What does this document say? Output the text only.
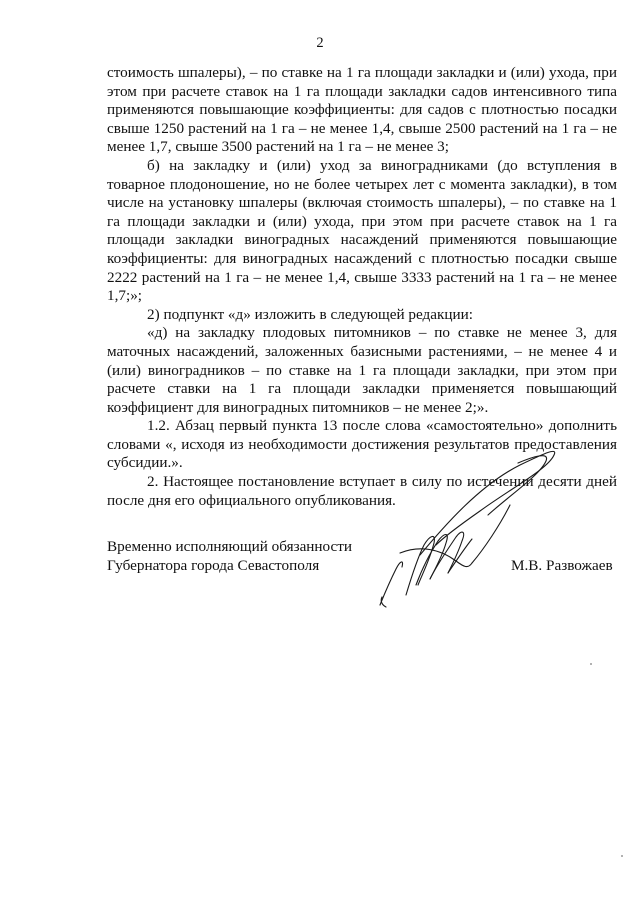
2

стоимость шпалеры), – по ставке на 1 га площади закладки и (или) ухода, при этом при расчете ставок на 1 га площади закладки садов интенсивного типа применяются повышающие коэффициенты: для садов с плотностью посадки свыше 1250 растений на 1 га – не менее 1,4, свыше 2500 растений на 1 га – не менее 1,7, свыше 3500 растений на 1 га – не менее 3;

б) на закладку и (или) уход за виноградниками (до вступления в товарное плодоношение, но не более четырех лет с момента закладки), в том числе на установку шпалеры (включая стоимость шпалеры), – по ставке на 1 га площади закладки и (или) ухода, при этом при расчете ставок на 1 га площади закладки виноградных насаждений применяются повышающие коэффициенты: для виноградных насаждений с плотностью посадки свыше 2222 растений на 1 га – не менее 1,4, свыше 3333 растений на 1 га – не менее 1,7;»;

2) подпункт «д» изложить в следующей редакции:

«д) на закладку плодовых питомников – по ставке не менее 3, для маточных насаждений, заложенных базисными растениями, – не менее 4 и (или) виноградников – по ставке на 1 га площади закладки, при этом при расчете ставки на 1 га площади закладки применяется повышающий коэффициент для виноградных питомников – не менее 2;».

1.2. Абзац первый пункта 13 после слова «самостоятельно» дополнить словами «, исходя из необходимости достижения результатов предоставления субсидии.».

2. Настоящее постановление вступает в силу по истечении десяти дней после дня его официального опубликования.

Временно исполняющий обязанности
Губернатора города Севастополя	М.В. Развожаев
